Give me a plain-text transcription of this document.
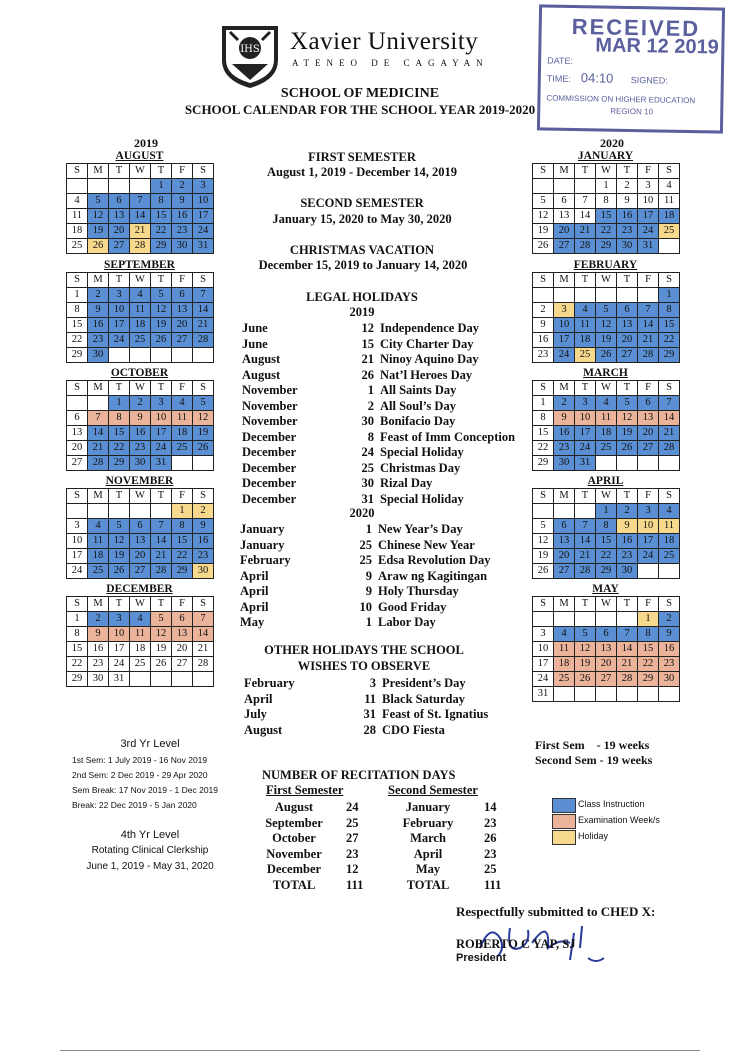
IHS Xavier University
ATENEO DE CAGAYAN
SCHOOL OF MEDICINE
SCHOOL CALENDAR FOR THE SCHOOL YEAR 2019-2020
RECEIVED
MAR 12 2019
DATE:
TIME: 04:10 SIGNED:
COMMISSION ON HIGHER EDUCATION
REGION 10
2019	2020
AUGUST
S	M	T	W	T	F	S
				1	2	3
4	5	6	7	8	9	10
11	12	13	14	15	16	17
18	19	20	21	22	23	24
25	26	27	28	29	30	31
SEPTEMBER
S	M	T	W	T	F	S
1	2	3	4	5	6	7
8	9	10	11	12	13	14
15	16	17	18	19	20	21
22	23	24	25	26	27	28
29	30					
OCTOBER
S	M	T	W	T	F	S
		1	2	3	4	5
6	7	8	9	10	11	12
13	14	15	16	17	18	19
20	21	22	23	24	25	26
27	28	29	30	31		
NOVEMBER
S	M	T	W	T	F	S
					1	2
3	4	5	6	7	8	9
10	11	12	13	14	15	16
17	18	19	20	21	22	23
24	25	26	27	28	29	30
DECEMBER
S	M	T	W	T	F	S
1	2	3	4	5	6	7
8	9	10	11	12	13	14
15	16	17	18	19	20	21
22	23	24	25	26	27	28
29	30	31				
JANUARY
S	M	T	W	T	F	S
			1	2	3	4
5	6	7	8	9	10	11
12	13	14	15	16	17	18
19	20	21	22	23	24	25
26	27	28	29	30	31	
FEBRUARY
S	M	T	W	T	F	S
						1
2	3	4	5	6	7	8
9	10	11	12	13	14	15
16	17	18	19	20	21	22
23	24	25	26	27	28	29
MARCH
S	M	T	W	T	F	S
1	2	3	4	5	6	7
8	9	10	11	12	13	14
15	16	17	18	19	20	21
22	23	24	25	26	27	28
29	30	31				
APRIL
S	M	T	W	T	F	S
			1	2	3	4
5	6	7	8	9	10	11
12	13	14	15	16	17	18
19	20	21	22	23	24	25
26	27	28	29	30		
MAY
S	M	T	W	T	F	S
					1	2
3	4	5	6	7	8	9
10	11	12	13	14	15	16
17	18	19	20	21	22	23
24	25	26	27	28	29	30
31						
FIRST SEMESTER
August 1, 2019 - December 14, 2019
SECOND SEMESTER
January 15, 2020 to May 30, 2020
CHRISTMAS VACATION
December 15, 2019 to January 14, 2020
LEGAL HOLIDAYS
2019
June	12 Independence Day
June	15 City Charter Day
August	21 Ninoy Aquino Day
August	26 Nat’l Heroes Day
November	1 All Saints Day
November	2 All Soul’s Day
November	30 Bonifacio Day
December	8 Feast of Imm Conception
December	24 Special Holiday
December	25 Christmas Day
December	30 Rizal Day
December	31 Special Holiday
2020
January	1 New Year’s Day
January	25 Chinese New Year
February	25 Edsa Revolution Day
April	9 Araw ng Kagitingan
April	9 Holy Thursday
April	10 Good Friday
May	1 Labor Day
OTHER HOLIDAYS THE SCHOOL
WISHES TO OBSERVE
February	3 President’s Day
April	11 Black Saturday
July	31 Feast of St. Ignatius
August	28 CDO Fiesta
3rd Yr Level
1st Sem: 1 July 2019 - 16 Nov 2019
2nd Sem: 2 Dec 2019 - 29 Apr 2020
Sem Break: 17 Nov 2019 - 1 Dec 2019
Break: 22 Dec 2019 - 5 Jan 2020
4th Yr Level
Rotating Clinical Clerkship
June 1, 2019 - May 31, 2020
First Sem    - 19 weeks
Second Sem - 19 weeks
NUMBER OF RECITATION DAYS
First Semester	Second Semester
August	24
September	25
October	27
November	23
December	12
TOTAL	111
January	14
February	23
March	26
April	23
May	25
TOTAL	111
Class Instruction
Examination Week/s
Holiday
Respectfully submitted to CHED X:
ROBERTO C YAP, SJ
President
